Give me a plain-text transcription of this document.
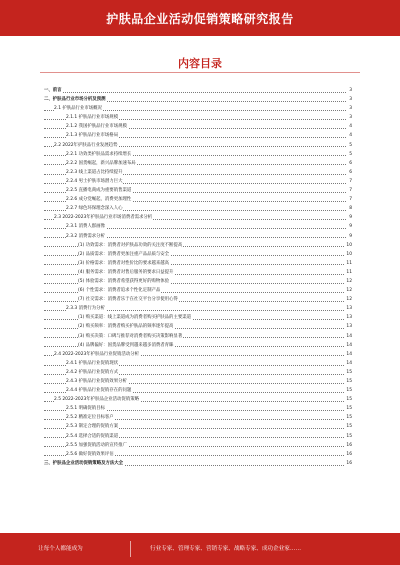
护肤品企业活动促销策略研究报告
内容目录
一、前言	3
二、护肤品行业市场分析及预测	3
2.1 护肤品行业市场概况	3
2.1.1 护肤品行业市场规模	3
2.1.2 我国护肤品行业市场规模	4
2.1.3 护肤品行业市场格局	4
2.2 2022年护肤品行业发展趋势	5
2.2.1 功效类护肤品需求持续增长	5
2.2.2 国货崛起，新兴品牌加速布局	6
2.2.3 线上渠道占比持续提升	6
2.2.4 男士护肤市场潜力巨大	7
2.2.5 直播电商成为重要销售渠道	7
2.2.6 成分党崛起，消费更加理性	7
2.2.7 绿色环保理念深入人心	8
2.3 2022-2023年护肤品行业市场消费者需求分析	9
2.3.1 消费人群画像	9
2.3.2 消费需求分析	9
(1) 功效需求：消费者对护肤品功效的关注度不断提高	10
(2) 品质需求：消费者更加注重产品品质与安全	10
(3) 价格需求：消费者对性价比的要求越来越高	11
(4) 服务需求：消费者对售后服务的要求日益提升	11
(5) 体验需求：消费者希望获得更好的购物体验	12
(6) 个性需求：消费者追求个性化定制产品	12
(7) 社交需求：消费者乐于在社交平台分享使用心得	12
2.3.3 消费行为分析	13
(1) 购买渠道：线上渠道成为消费者购买护肤品的主要渠道	13
(2) 购买频率：消费者购买护肤品的频率逐年提高	13
(3) 购买决策：口碑与推荐对消费者购买决策影响显著	14
(4) 品牌偏好：国货品牌受到越来越多消费者青睐	14
2.4 2022-2023年护肤品行业促销活动分析	14
2.4.1 护肤品行业促销现状	14
2.4.2 护肤品行业促销方式	15
2.4.3 护肤品行业促销效果分析	15
2.4.4 护肤品行业促销存在的问题	15
2.5 2022-2023年护肤品企业活动促销策略	15
2.5.1 明确促销目标	15
2.5.2 精准定位目标客户	15
2.5.3 制定合理的促销方案	15
2.5.4 选择合适的促销渠道	15
2.5.5 加强促销活动的宣传推广	16
2.5.6 做好促销效果评估	16
三、护肤品企业活动促销策略及方法大全	16
让每个人都能成为	行业专家、管理专家、营销专家、战略专家、成功企业家……
